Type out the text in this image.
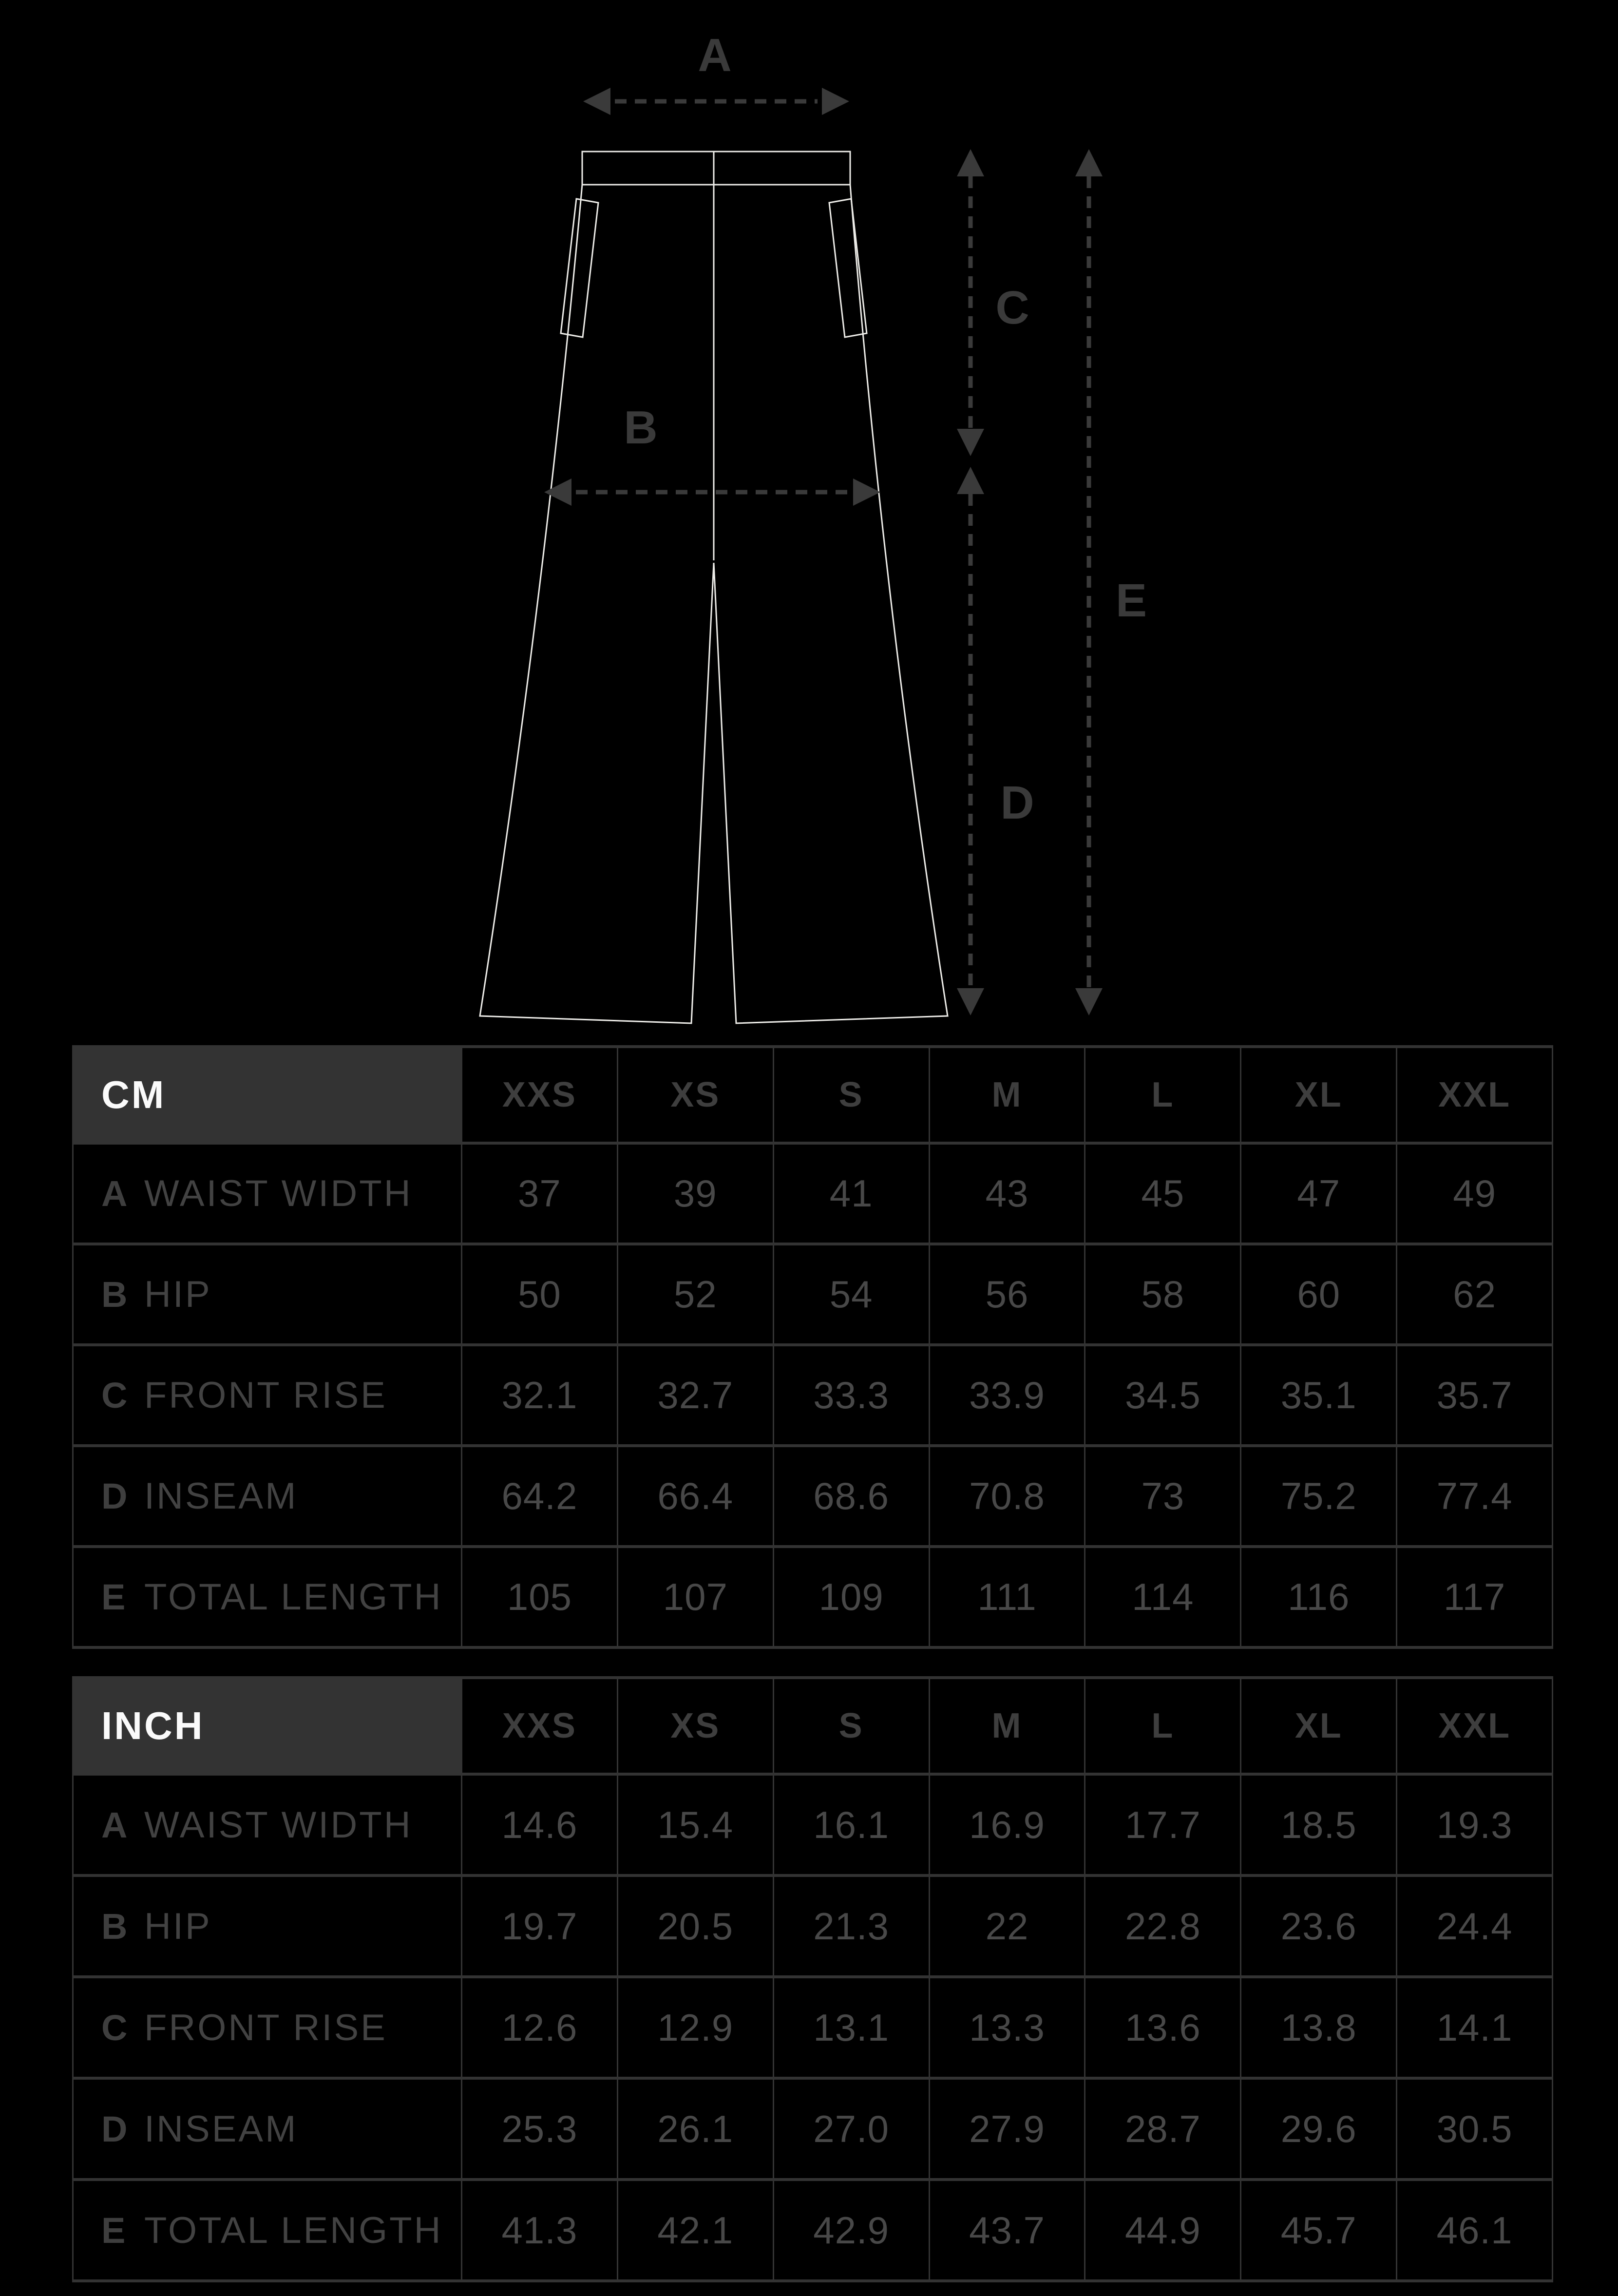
A
B
C
D
E
CM	XXS	XS	S	M	L	XL	XXL
A WAIST WIDTH	37	39	41	43	45	47	49
B HIP	50	52	54	56	58	60	62
C FRONT RISE	32.1	32.7	33.3	33.9	34.5	35.1	35.7
D INSEAM	64.2	66.4	68.6	70.8	73	75.2	77.4
E TOTAL LENGTH	105	107	109	111	114	116	117
INCH	XXS	XS	S	M	L	XL	XXL
A WAIST WIDTH	14.6	15.4	16.1	16.9	17.7	18.5	19.3
B HIP	19.7	20.5	21.3	22	22.8	23.6	24.4
C FRONT RISE	12.6	12.9	13.1	13.3	13.6	13.8	14.1
D INSEAM	25.3	26.1	27.0	27.9	28.7	29.6	30.5
E TOTAL LENGTH	41.3	42.1	42.9	43.7	44.9	45.7	46.1
